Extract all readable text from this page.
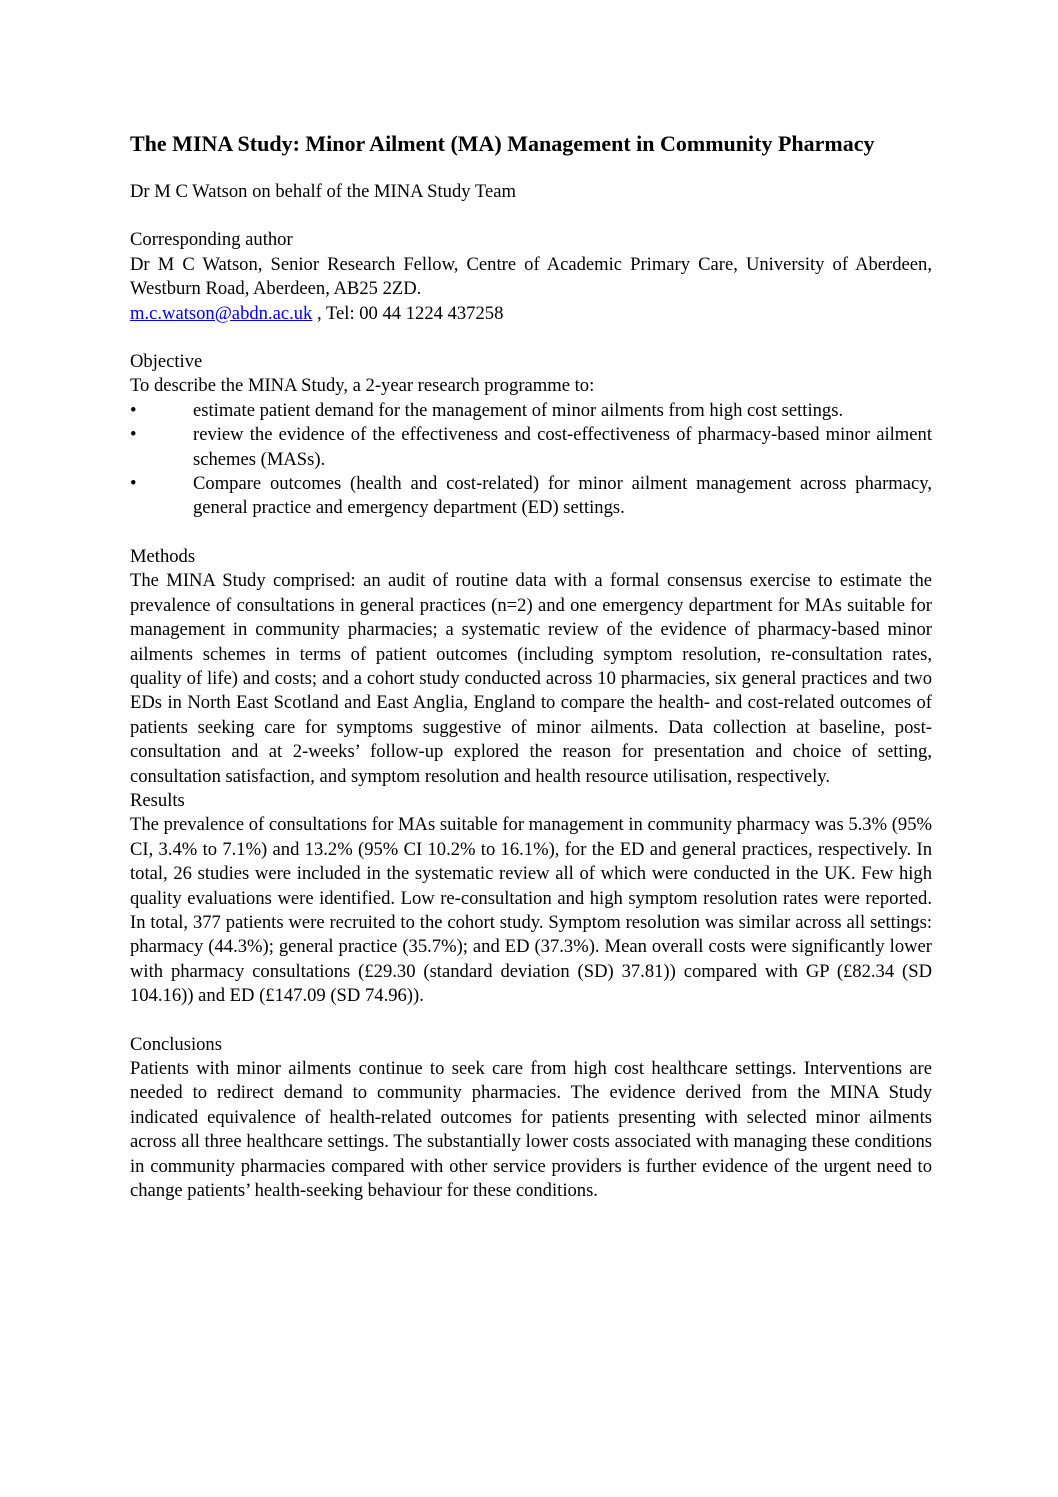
The MINA Study: Minor Ailment (MA) Management in Community Pharmacy

Dr M C Watson on behalf of the MINA Study Team

Corresponding author

Dr M C Watson, Senior Research Fellow, Centre of Academic Primary Care, University of Aberdeen, Westburn Road, Aberdeen, AB25 2ZD.

m.c.watson@abdn.ac.uk , Tel: 00 44 1224 437258

Objective

To describe the MINA Study, a 2-year research programme to:

•	estimate patient demand for the management of minor ailments from high cost settings.
•	review the evidence of the effectiveness and cost-effectiveness of pharmacy-based minor ailment schemes (MASs).
•	Compare outcomes (health and cost-related) for minor ailment management across pharmacy, general practice and emergency department (ED) settings.

Methods

The MINA Study comprised: an audit of routine data with a formal consensus exercise to estimate the prevalence of consultations in general practices (n=2) and one emergency department for MAs suitable for management in community pharmacies; a systematic review of the evidence of pharmacy-based minor ailments schemes in terms of patient outcomes (including symptom resolution, re-consultation rates, quality of life) and costs; and a cohort study conducted across 10 pharmacies, six general practices and two EDs in North East Scotland and East Anglia, England to compare the health- and cost-related outcomes of patients seeking care for symptoms suggestive of minor ailments. Data collection at baseline, post-consultation and at 2-weeks’ follow-up explored the reason for presentation and choice of setting, consultation satisfaction, and symptom resolution and health resource utilisation, respectively.

Results

The prevalence of consultations for MAs suitable for management in community pharmacy was 5.3% (95% CI, 3.4% to 7.1%) and 13.2% (95% CI 10.2% to 16.1%), for the ED and general practices, respectively. In total, 26 studies were included in the systematic review all of which were conducted in the UK. Few high quality evaluations were identified. Low re-consultation and high symptom resolution rates were reported. In total, 377 patients were recruited to the cohort study. Symptom resolution was similar across all settings: pharmacy (44.3%); general practice (35.7%); and ED (37.3%). Mean overall costs were significantly lower with pharmacy consultations (£29.30 (standard deviation (SD) 37.81)) compared with GP (£82.34 (SD 104.16)) and ED (£147.09 (SD 74.96)).

Conclusions

Patients with minor ailments continue to seek care from high cost healthcare settings. Interventions are needed to redirect demand to community pharmacies. The evidence derived from the MINA Study indicated equivalence of health-related outcomes for patients presenting with selected minor ailments across all three healthcare settings. The substantially lower costs associated with managing these conditions in community pharmacies compared with other service providers is further evidence of the urgent need to change patients’ health-seeking behaviour for these conditions.
